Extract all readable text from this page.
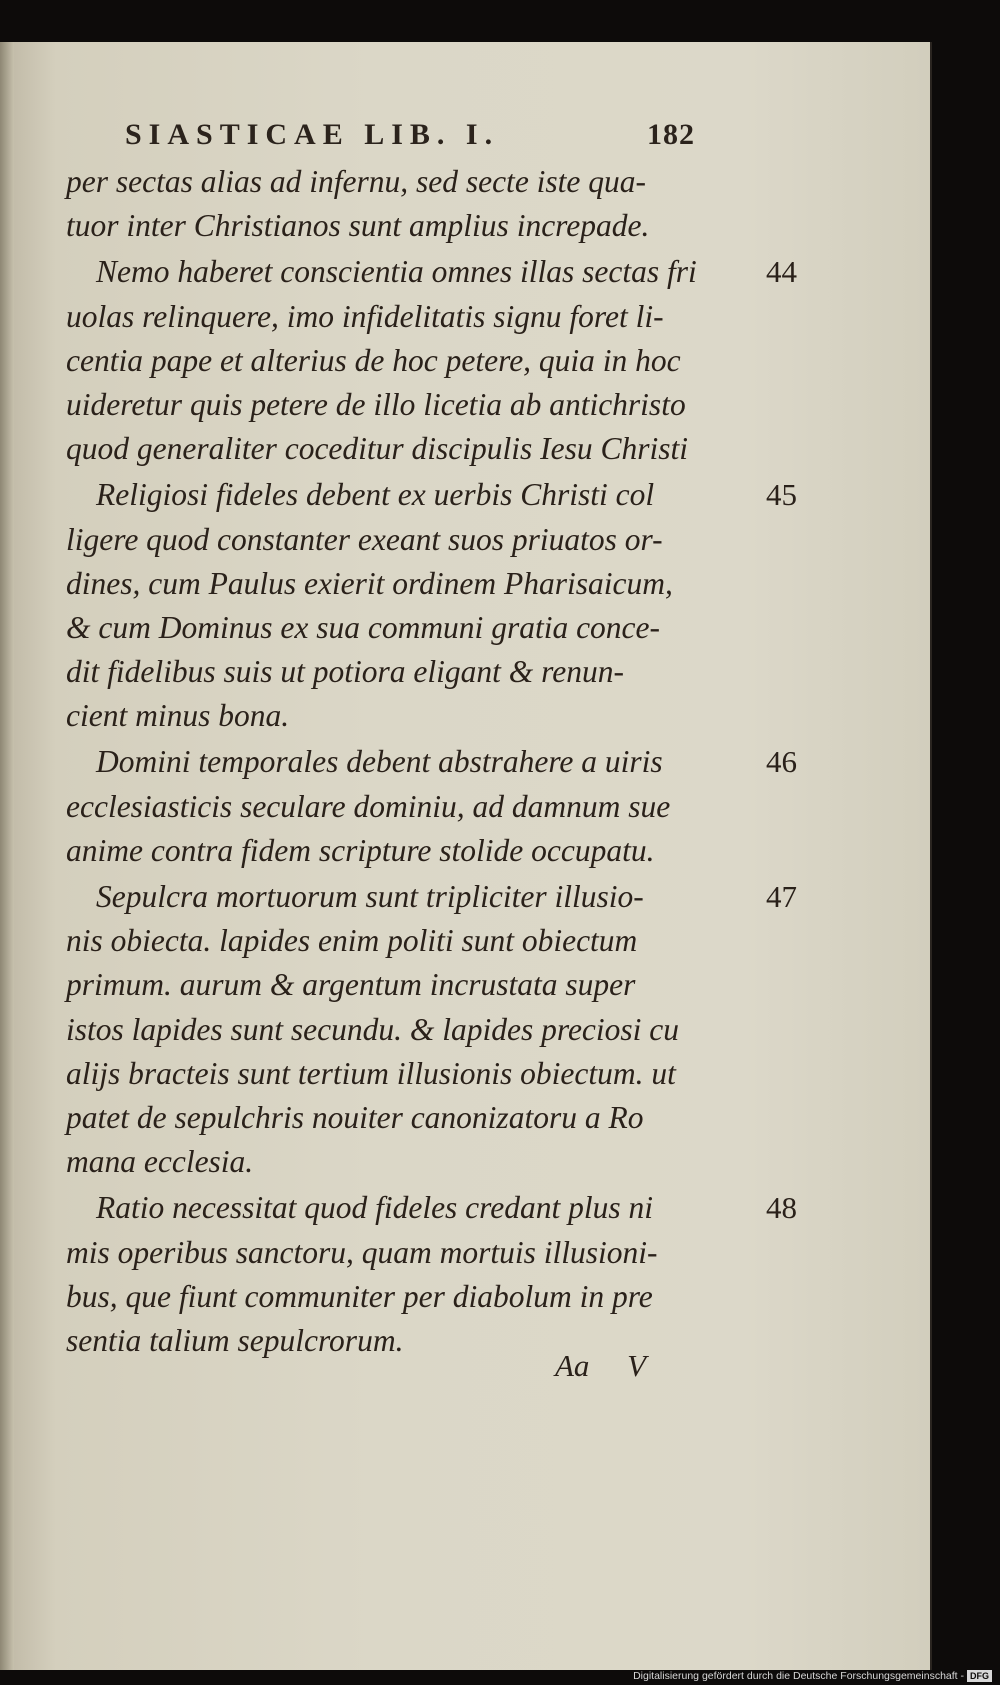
SIASTICAE LIB. I.	182
per sectas alias ad infernu, sed secte iste qua-
tuor inter Christianos sunt amplius increpade.
44
Nemo haberet conscientia omnes illas sectas fri
uolas relinquere, imo infidelitatis signu foret li-
centia pape et alterius de hoc petere, quia in hoc
uideretur quis petere de illo licetia ab antichristo
quod generaliter coceditur discipulis Iesu Christi
45
Religiosi fideles debent ex uerbis Christi col
ligere quod constanter exeant suos priuatos or-
dines, cum Paulus exierit ordinem Pharisaicum,
& cum Dominus ex sua communi gratia conce-
dit fidelibus suis ut potiora eligant & renun-
cient minus bona.
46
Domini temporales debent abstrahere a uiris
ecclesiasticis seculare dominiu, ad damnum sue
anime contra fidem scripture stolide occupatu.
47
Sepulcra mortuorum sunt tripliciter illusio-
nis obiecta. lapides enim politi sunt obiectum
primum. aurum & argentum incrustata super
istos lapides sunt secundu. & lapides preciosi cu
alijs bracteis sunt tertium illusionis obiectum. ut
patet de sepulchris nouiter canonizatoru a Ro
mana ecclesia.
48
Ratio necessitat quod fideles credant plus ni
mis operibus sanctoru, quam mortuis illusioni-
bus, que fiunt communiter per diabolum in pre
sentia talium sepulcrorum.
Aa V
Digitalisierung gefördert durch die Deutsche Forschungsgemeinschaft - DFG
